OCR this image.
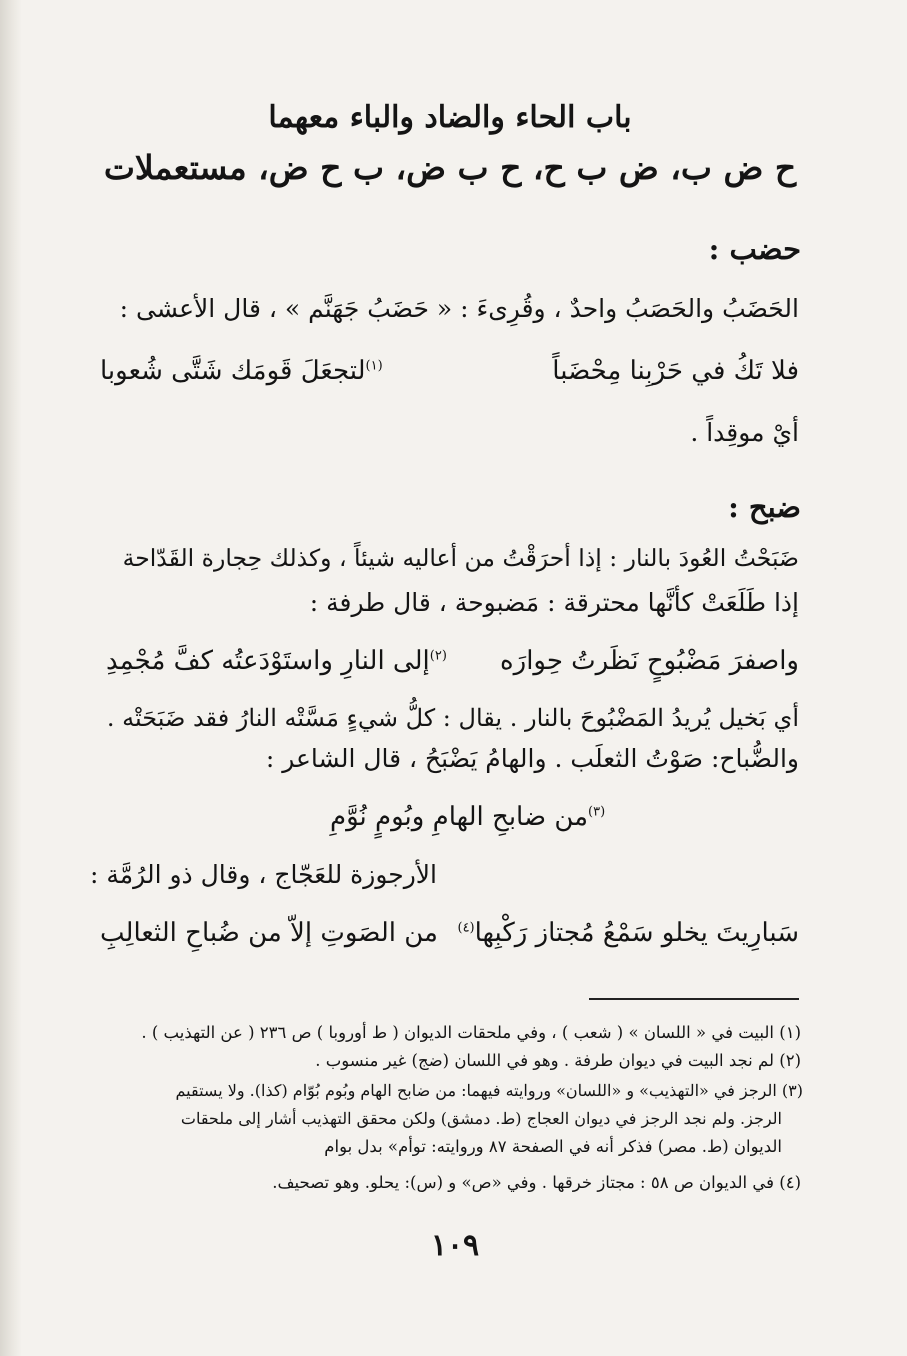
باب الحاء والضاد والباء معهما
ح ض ب، ض ب ح، ح ب ض، ب ح ض، مستعملات
حضب :
الحَضَبُ والحَصَبُ واحدٌ ، وقُرِىءَ : « حَضَبُ جَهَنَّم » ، قال الأعشى :
فلا تَكُ في حَرْبِنا مِحْضَباً
$^{(١)}$لتجعَلَ قَومَك شَتَّى شُعوبا
أيْ موقِداً .
ضبح :
ضَبَحْتُ العُودَ بالنار : إذا أحرَقْتُ من أعاليه شيئاً ، وكذلك حِجارة القَدّاحة
إذا طَلَعَتْ كأنَّها محترقة : مَضبوحة ، قال طرفة :
واصفرَ مَضْبُوحٍ نَظَرتُ حِوارَه
$^{(٢)}$إلى النارِ واستَوْدَعتُه كفَّ مُجْمِدِ
أي بَخيل يُريدُ المَضْبُوحَ بالنار . يقال : كلُّ شيءٍ مَسَّتْه النارُ فقد ضَبَحَتْه .
والضُّباح: صَوْتُ الثعلَب . والهامُ يَضْبَحُ ، قال الشاعر :
$^{(٣)}$من ضابحِ الهامِ وبُومٍ نُوَّمِ
الأرجوزة للعَجّاج ، وقال ذو الرُمَّة :
سَبارِيتَ يخلو سَمْعُ مُجتاز رَكْبِها$^{(٤)}$
من الصَوتِ إلاّ من ضُباحِ الثعالِبِ
(١) البيت في « اللسان » ( شعب ) ، وفي ملحقات الديوان ( ط أوروبا ) ص ٢٣٦ ( عن التهذيب ) .
(٢) لم نجد البيت في ديوان طرفة . وهو في اللسان (ضج) غير منسوب .
(٣) الرجز في «التهذيب» و «اللسان» وروايته فيهما: من ضابح الهام وبُوم بُوّام (كذا). ولا يستقيم
الرجز. ولم نجد الرجز في ديوان العجاج (ط. دمشق) ولكن محقق التهذيب أشار إلى ملحقات
الديوان (ط. مصر) فذكر أنه في الصفحة ٨٧ وروايته: توأم» بدل بوام
(٤) في الديوان ص ٥٨ : مجتاز خرقها . وفي «ص» و (س): يحلو. وهو تصحيف.
١٠٩
